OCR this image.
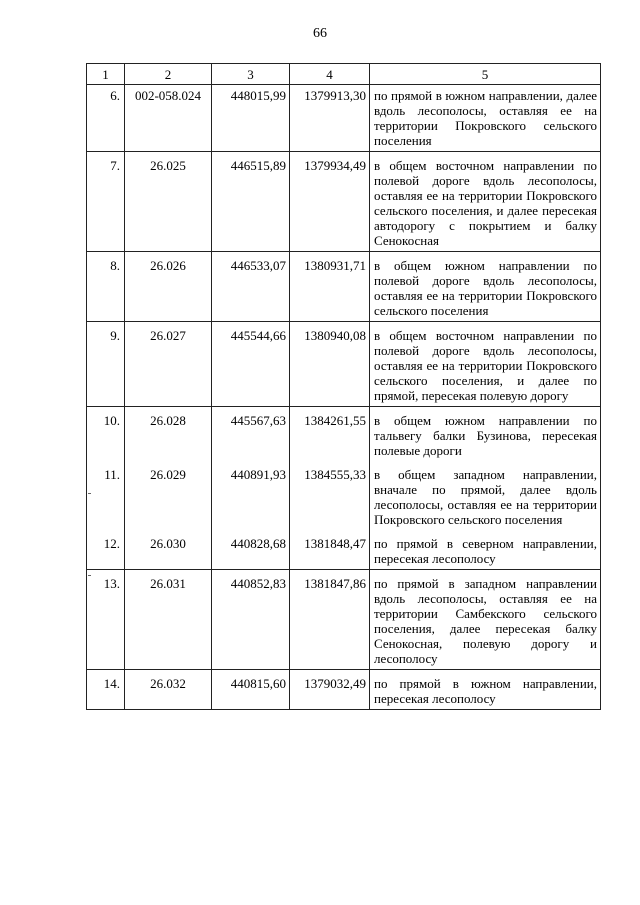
66
1	2	3	4	5
6.	002-058.024	448015,99	1379913,30	по прямой в южном направлении, далее вдоль лесополосы, оставляя ее на территории Покровского сельского поселения
7.	26.025	446515,89	1379934,49	в общем восточном направлении по полевой дороге вдоль лесополосы, оставляя ее на территории Покровского сельского поселения, и далее пересекая автодорогу с покрытием и балку Сенокосная
8.	26.026	446533,07	1380931,71	в общем южном направлении по полевой дороге вдоль лесополосы, оставляя ее на территории Покровского сельского поселения
9.	26.027	445544,66	1380940,08	в общем восточном направлении по полевой дороге вдоль лесополосы, оставляя ее на территории Покровского сельского поселения, и далее по прямой, пересекая полевую дорогу
10.	26.028	445567,63	1384261,55	в общем южном направлении по тальвегу балки Бузинова, пересекая полевые дороги
11.	26.029	440891,93	1384555,33	в общем западном направлении, вначале по прямой, далее вдоль лесополосы, оставляя ее на территории Покровского сельского поселения
12.	26.030	440828,68	1381848,47	по прямой в северном направлении, пересекая лесополосу
13.	26.031	440852,83	1381847,86	по прямой в западном направлении вдоль лесополосы, оставляя ее на территории Самбекского сельского поселения, далее пересекая балку Сенокосная, полевую дорогу и лесополосу
14.	26.032	440815,60	1379032,49	по прямой в южном направлении, пересекая лесополосу
